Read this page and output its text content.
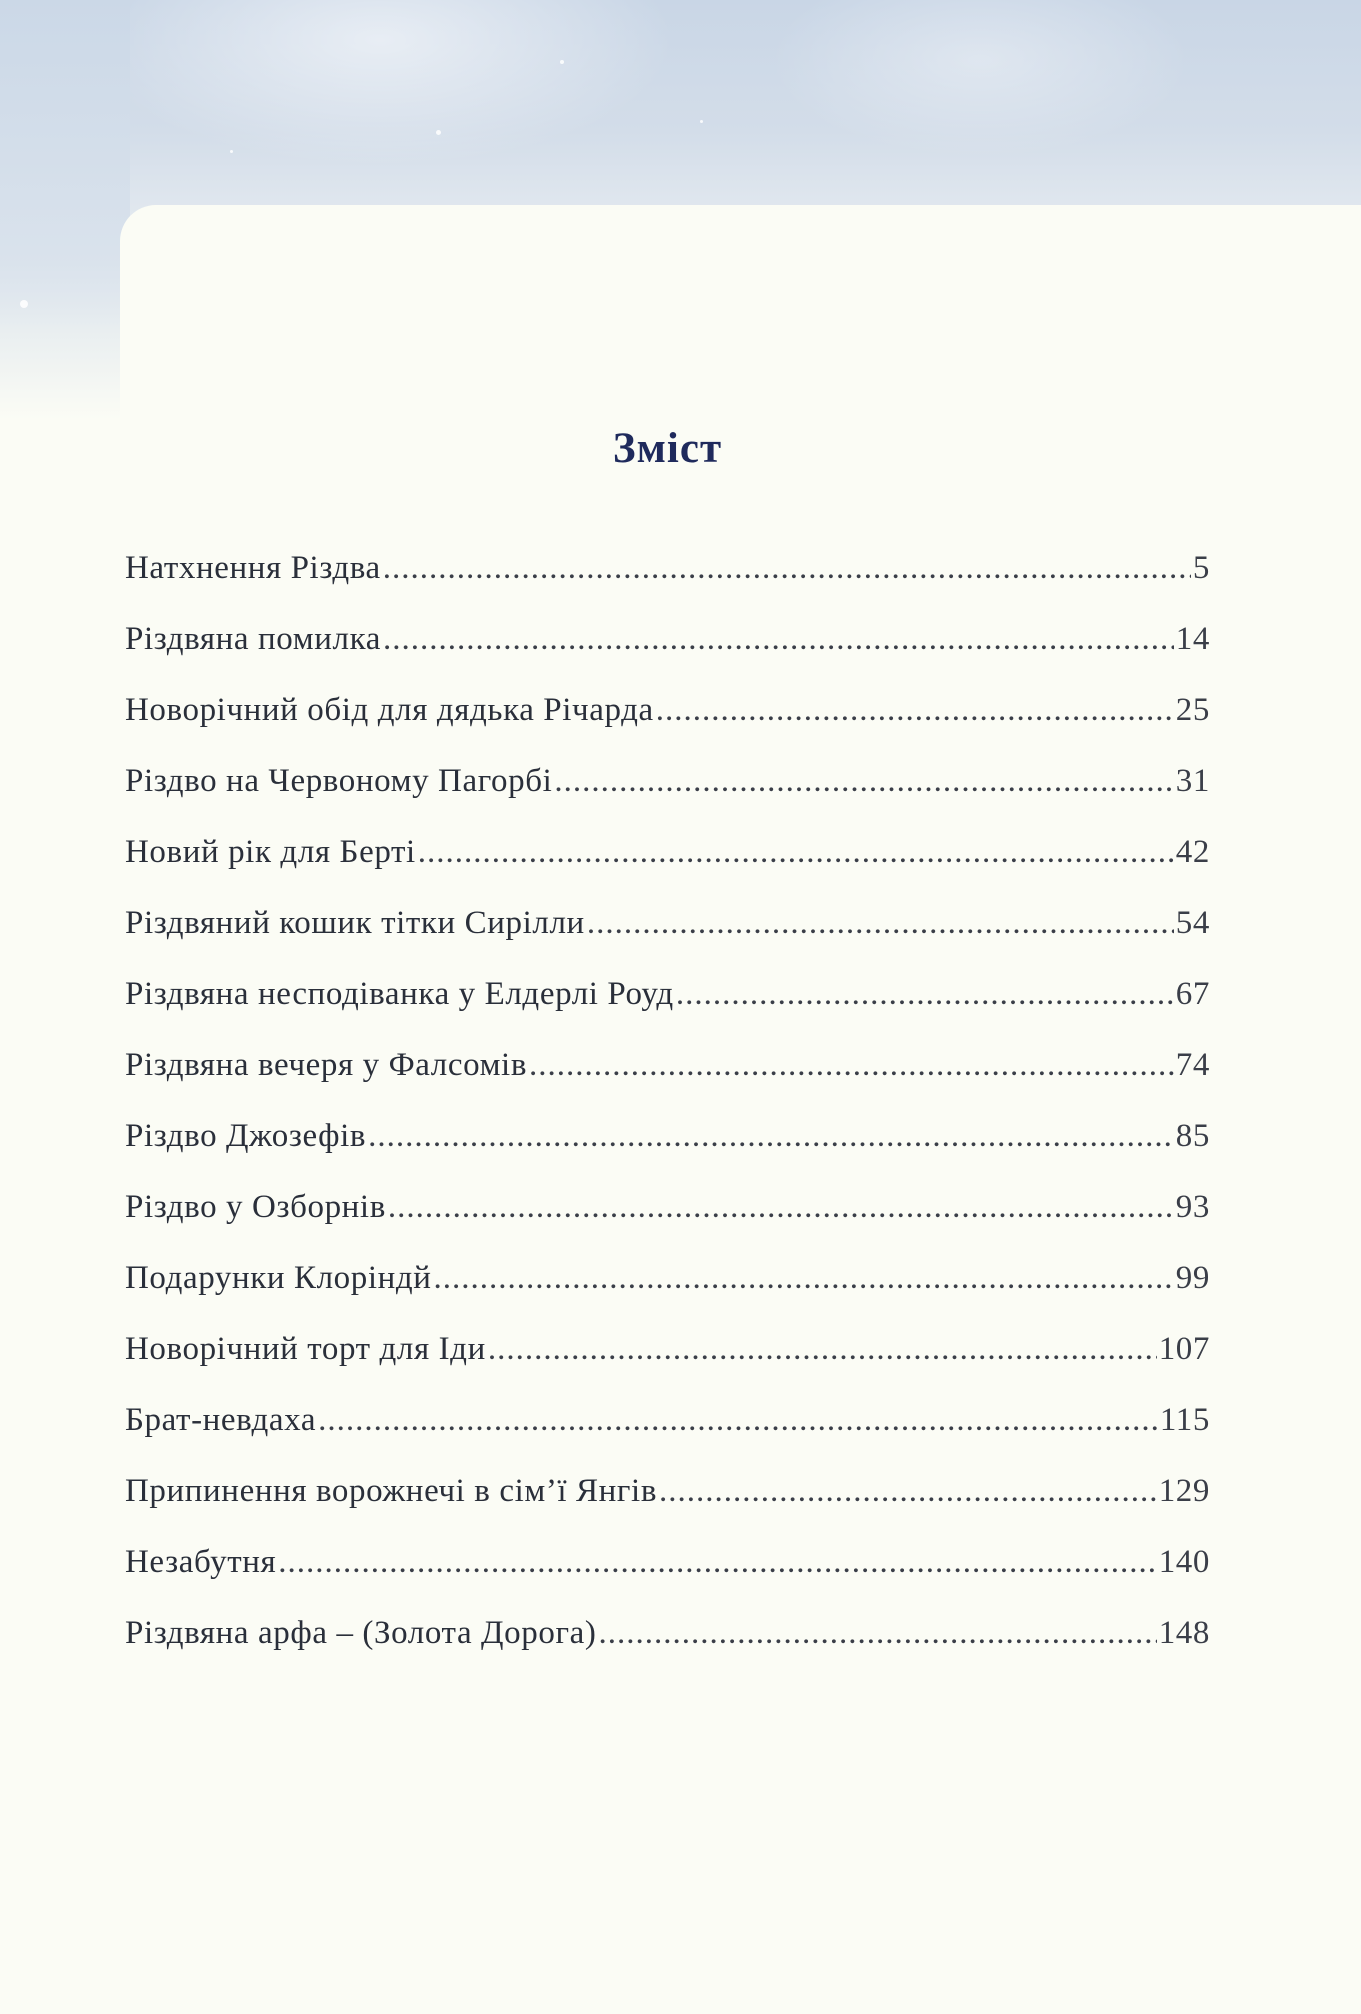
Зміст
Натхнення Різдва .....	5
Різдвяна помилка .....	14
Новорічний обід для дядька Річарда .....	25
Різдво на Червоному Пагорбі .....	31
Новий рік для Берті .....	42
Різдвяний кошик тітки Сирілли .....	54
Різдвяна несподіванка у Елдерлі Роуд .....	67
Різдвяна вечеря у Фалсомів .....	74
Різдво Джозефів .....	85
Різдво у Озборнів .....	93
Подарунки Клоріндй .....	99
Новорічний торт для Іди .....	107
Брат-невдаха .....	115
Припинення ворожнечі в сім’ї Янгів .....	129
Незабутня .....	140
Різдвяна арфа – (Золота Дорога) .....	148
